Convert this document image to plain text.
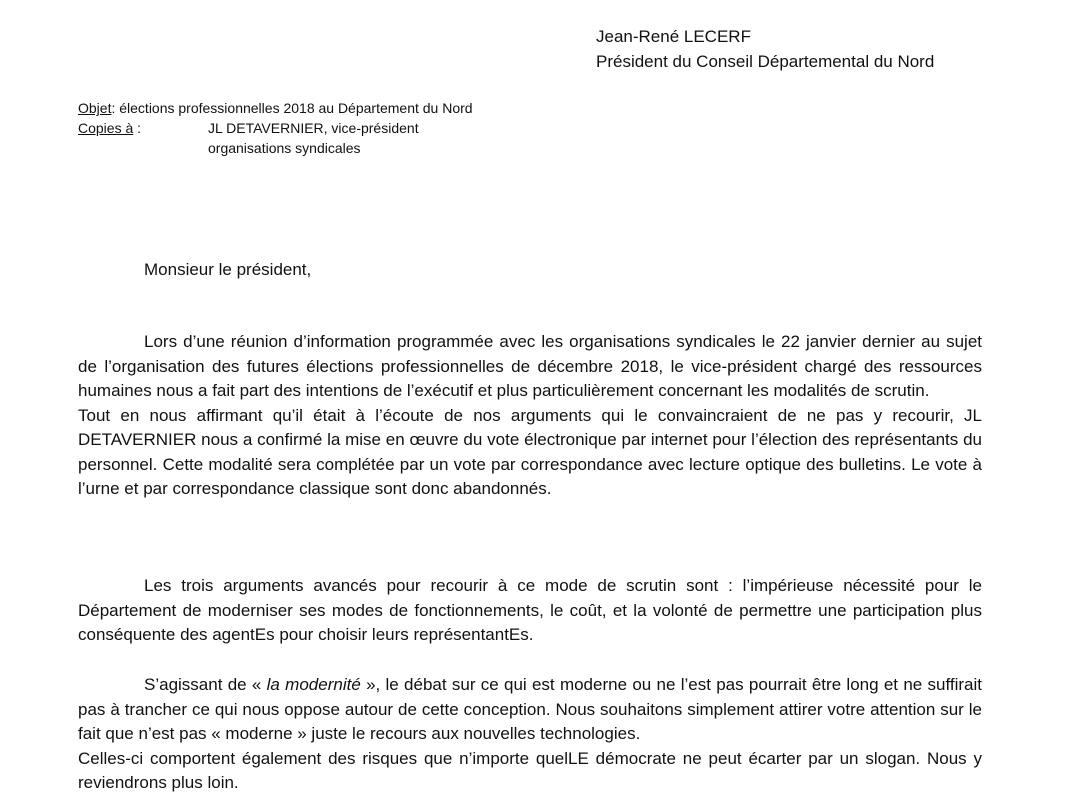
Jean-René LECERF
Président du Conseil Départemental du Nord
Objet : élections professionnelles 2018 au Département du Nord
Copies à :	JL DETAVERNIER, vice-président
organisations syndicales
Monsieur le président,

Lors d’une réunion d’information programmée avec les organisations syndicales le 22 janvier dernier au sujet de l’organisation des futures élections professionnelles de décembre 2018, le vice-président chargé des ressources humaines nous a fait part des intentions de l’exécutif et plus particulièrement concernant les modalités de scrutin.

Tout en nous affirmant qu’il était à l’écoute de nos arguments qui le convaincraient de ne pas y recourir, JL DETAVERNIER nous a confirmé la mise en œuvre du vote électronique par internet pour l’élection des représentants du personnel. Cette modalité sera complétée par un vote par correspondance avec lecture optique des bulletins. Le vote à l’urne et par correspondance classique sont donc abandonnés.

Les trois arguments avancés pour recourir à ce mode de scrutin sont : l’impérieuse nécessité pour le Département de moderniser ses modes de fonctionnements, le coût, et la volonté de permettre une participation plus conséquente des agentEs pour choisir leurs représentantEs.

S’agissant de « la modernité », le débat sur ce qui est moderne ou ne l’est pas pourrait être long et ne suffirait pas à trancher ce qui nous oppose autour de cette conception. Nous souhaitons simplement attirer votre attention sur le fait que n’est pas « moderne » juste le recours aux nouvelles technologies.

Celles-ci comportent également des risques que n’importe quelLE démocrate ne peut écarter par un slogan. Nous y reviendrons plus loin.
